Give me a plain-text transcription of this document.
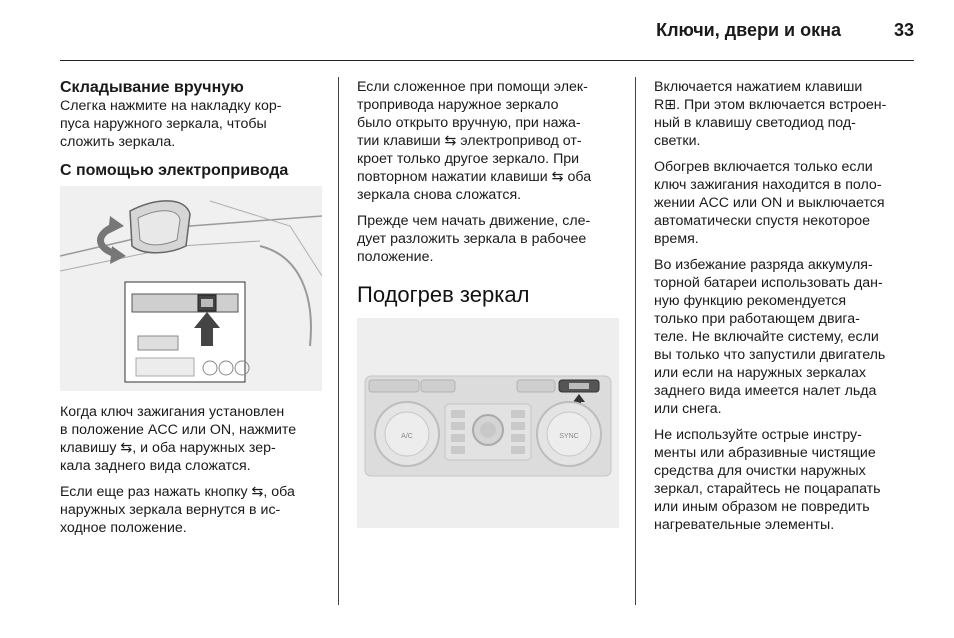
Ключи, двери и окна	33
Складывание вручную

Слегка нажмите на накладку кор-
пуса наружного зеркала, чтобы
сложить зеркала.

С помощью электропривода

Когда ключ зажигания установлен
в положение ACC или ON, нажмите
клавишу ⇆, и оба наружных зер-
кала заднего вида сложатся.

Если еще раз нажать кнопку ⇆, оба
наружных зеркала вернутся в ис-
ходное положение.

Если сложенное при помощи элек-
тропривода наружное зеркало
было открыто вручную, при нажа-
тии клавиши ⇆ электропривод от-
кроет только другое зеркало. При
повторном нажатии клавиши ⇆ оба
зеркала снова сложатся.

Прежде чем начать движение, сле-
дует разложить зеркала в рабочее
положение.

Подогрев зеркал
A/C	SYNC

Включается нажатием клавиши
R⊞. При этом включается встроен-
ный в клавишу светодиод под-
светки.

Обогрев включается только если
ключ зажигания находится в поло-
жении ACC или ON и выключается
автоматически спустя некоторое
время.

Во избежание разряда аккумуля-
торной батареи использовать дан-
ную функцию рекомендуется
только при работающем двига-
теле. Не включайте систему, если
вы только что запустили двигатель
или если на наружных зеркалах
заднего вида имеется налет льда
или снега.

Не используйте острые инстру-
менты или абразивные чистящие
средства для очистки наружных
зеркал, старайтесь не поцарапать
или иным образом не повредить
нагревательные элементы.
